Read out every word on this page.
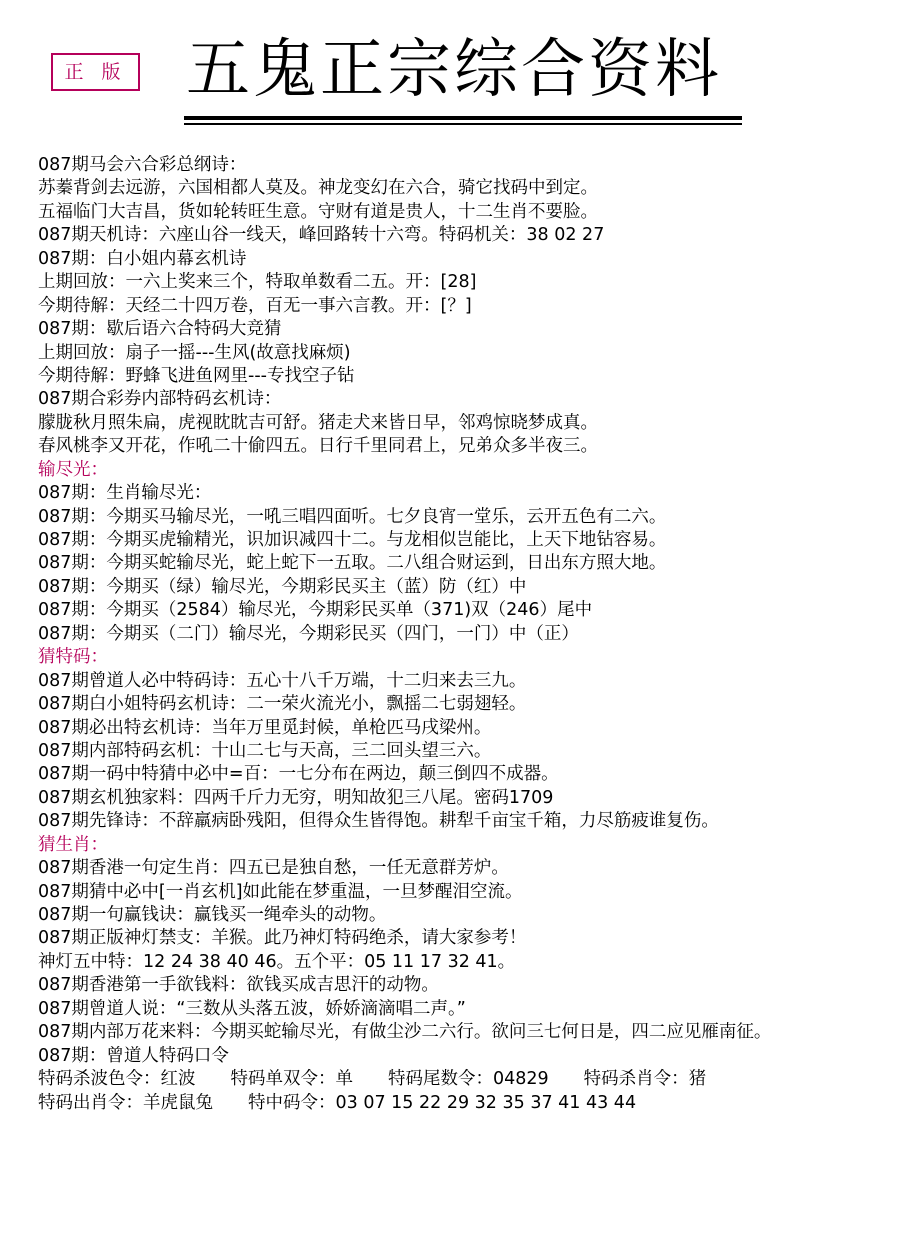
正 版 五鬼正宗综合资料
087期马会六合彩总纲诗：
苏蓁背剑去远游，六国相都人莫及。神龙变幻在六合，骑它找码中到定。
五福临门大吉昌，货如轮转旺生意。守财有道是贵人，十二生肖不要脸。
087期天机诗：六座山谷一线天，峰回路转十六弯。特码机关：38 02 27
087期：白小姐内幕玄机诗
上期回放：一六上奖来三个，特取单数看二五。开：[28]
今期待解：天经二十四万卷，百无一事六言教。开：[？]
087期：歇后语六合特码大竞猜
上期回放：扇子一摇---生风(故意找麻烦)
今期待解：野蜂飞进鱼网里---专找空子钻
087期合彩券内部特码玄机诗：
朦胧秋月照朱扁，虎视眈眈吉可舒。猪走犬来皆日早，邻鸡惊晓梦成真。
春风桃李又开花，作吼二十偷四五。日行千里同君上，兄弟众多半夜三。
输尽光：
087期：生肖输尽光：
087期：今期买马输尽光，一吼三唱四面听。七夕良宵一堂乐，云开五色有二六。
087期：今期买虎输精光，识加识减四十二。与龙相似岂能比，上天下地钻容易。
087期：今期买蛇输尽光，蛇上蛇下一五取。二八组合财运到，日出东方照大地。
087期：今期买（绿）输尽光，今期彩民买主（蓝）防（红）中
087期：今期买（2584）输尽光，今期彩民买单（371)双（246）尾中
087期：今期买（二门）输尽光，今期彩民买（四门，一门）中（正）
猜特码：
087期曾道人必中特码诗：五心十八千万端，十二归来去三九。
087期白小姐特码玄机诗：二一荣火流光小，飘摇二七弱翅轻。
087期必出特玄机诗：当年万里觅封候，单枪匹马戌梁州。
087期内部特码玄机：十山二七与天高，三二回头望三六。
087期一码中特猜中必中=百：一七分布在两边，颠三倒四不成器。
087期玄机独家料：四两千斤力无穷，明知故犯三八尾。密码1709
087期先锋诗：不辞羸病卧残阳，但得众生皆得饱。耕犁千亩宝千箱，力尽筋疲谁复伤。
猜生肖：
087期香港一句定生肖：四五已是独自愁，一任无意群芳炉。
087期猜中必中[一肖玄机]如此能在梦重温，一旦梦醒泪空流。
087期一句赢钱诀：赢钱买一绳牵头的动物。
087期正版神灯禁支：羊猴。此乃神灯特码绝杀，请大家参考！
神灯五中特：12 24 38 40 46。五个平：05 11 17 32 41。
087期香港第一手欲钱料：欲钱买成吉思汗的动物。
087期曾道人说：“三数从头落五波，娇娇滴滴唱二声。”
087期内部万花来料：今期买蛇输尽光，有做尘沙二六行。欲问三七何日是，四二应见雁南征。
087期：曾道人特码口令
特码杀波色令：红波　　特码单双令：单　　特码尾数令：04829　　特码杀肖令：猪
特码出肖令：羊虎鼠兔　　特中码令：03 07 15 22 29 32 35 37 41 43 44
